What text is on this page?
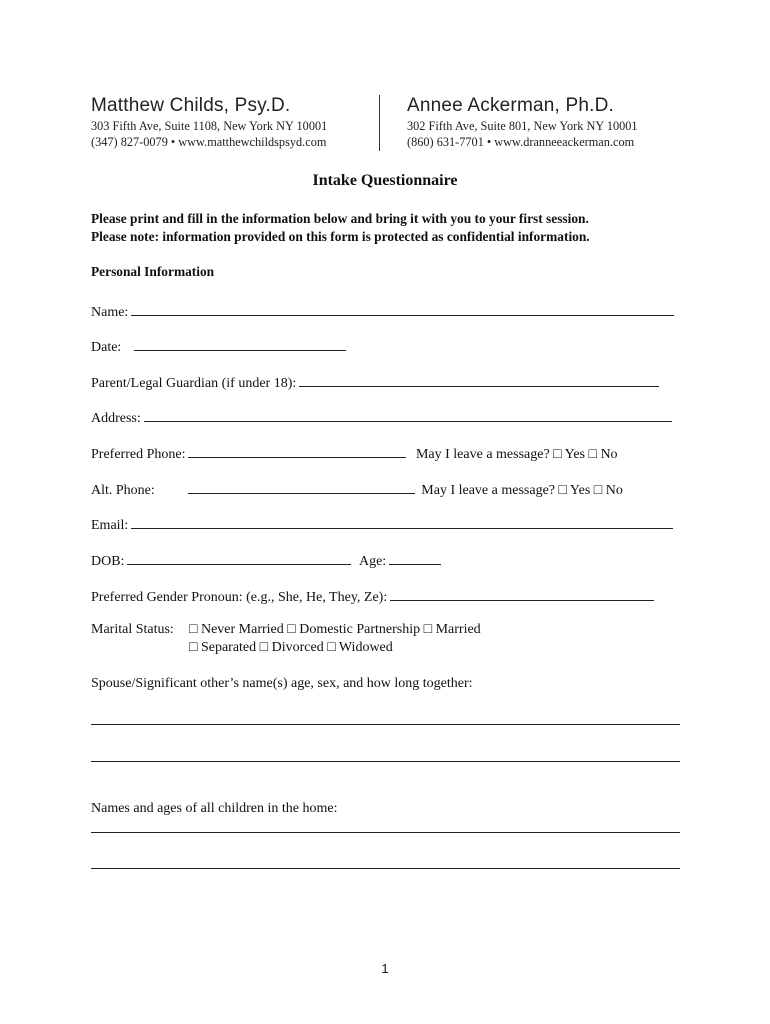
Matthew Childs, Psy.D.
303 Fifth Ave, Suite 1108, New York NY 10001
(347) 827-0079 • www.matthewchildspsyd.com
Annee Ackerman, Ph.D.
302 Fifth Ave, Suite 801, New York NY 10001
(860) 631-7701 • www.dranneeackerman.com
Intake Questionnaire
Please print and fill in the information below and bring it with you to your first session.
Please note: information provided on this form is protected as confidential information.
Personal Information
Name:
Date:
Parent/Legal Guardian (if under 18):
Address:
Preferred Phone:	May I leave a message? □ Yes □ No
Alt. Phone:	May I leave a message? □ Yes □ No
Email:
DOB:	Age:
Preferred Gender Pronoun: (e.g., She, He, They, Ze):
Marital Status: □ Never Married □ Domestic Partnership □ Married
□ Separated □ Divorced □ Widowed
Spouse/Significant other’s name(s) age, sex, and how long together:
Names and ages of all children in the home:
1
